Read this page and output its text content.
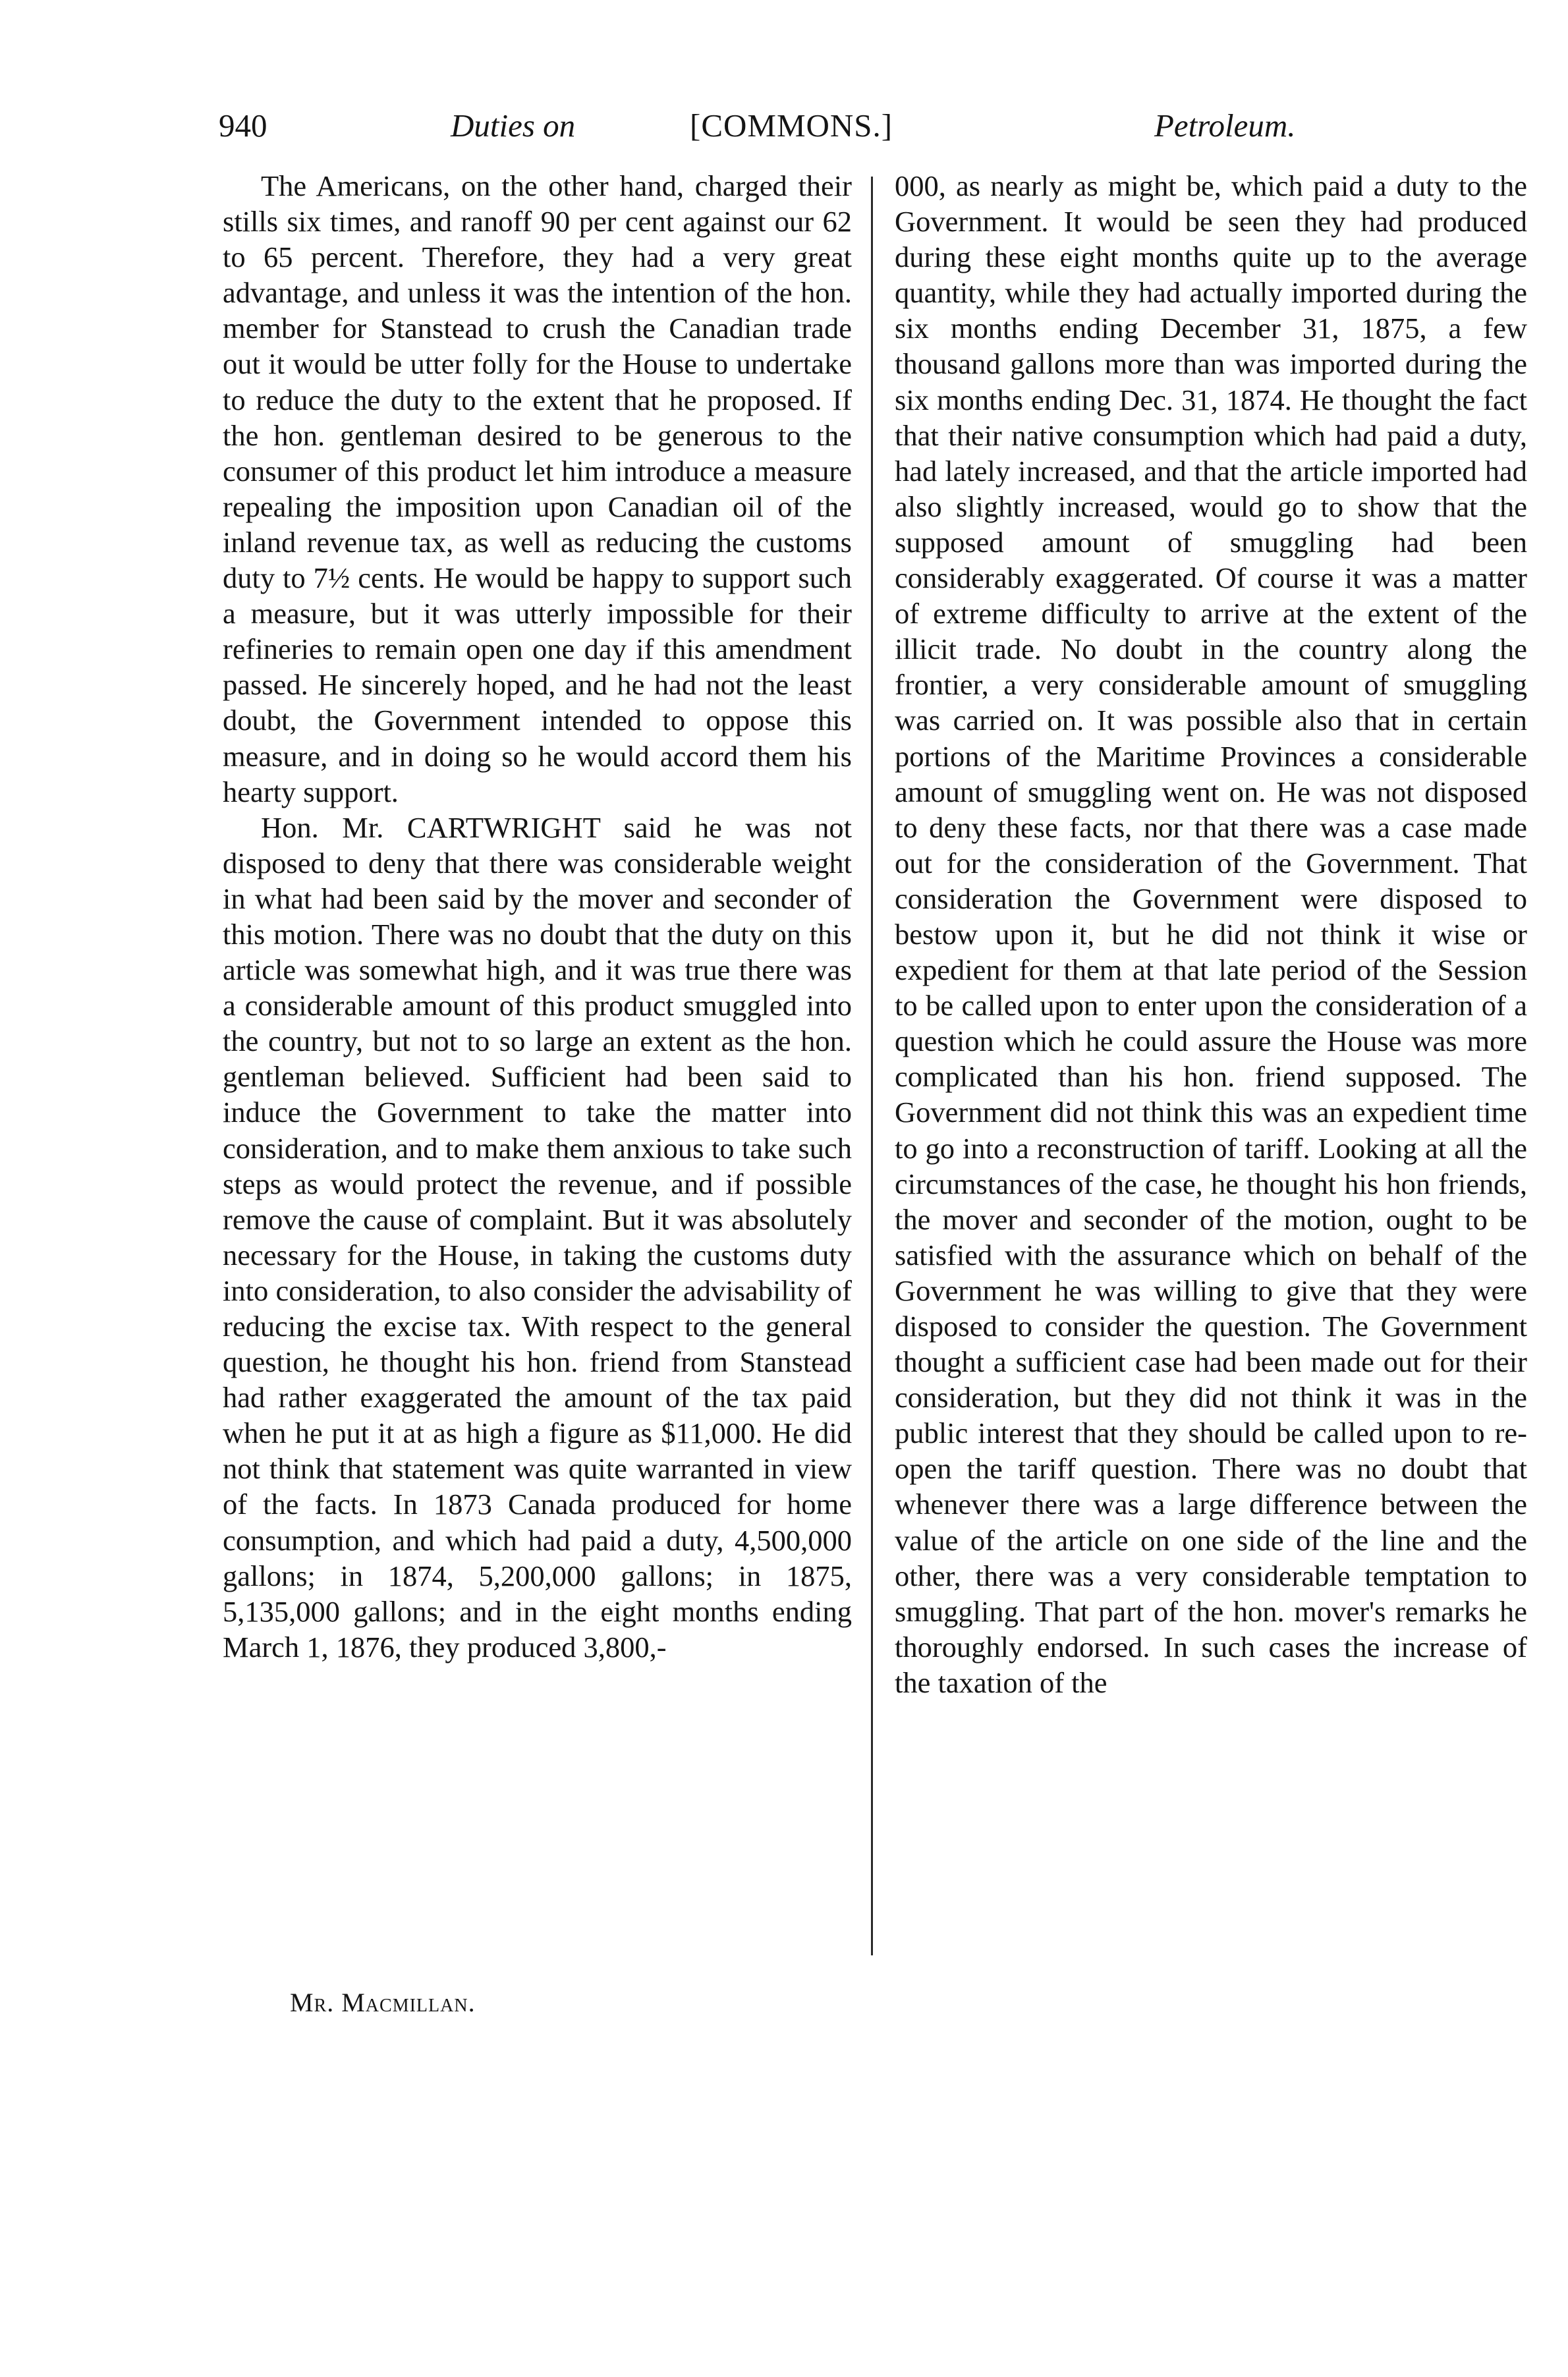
940	Duties on	[COMMONS.]	Petroleum.

The Americans, on the other hand, charged their stills six times, and ranoff 90 per cent against our 62 to 65 percent. Therefore, they had a very great advantage, and unless it was the intention of the hon. member for Stanstead to crush the Canadian trade out it would be utter folly for the House to undertake to reduce the duty to the extent that he proposed. If the hon. gentleman desired to be generous to the consumer of this product let him introduce a measure repealing the imposition upon Canadian oil of the inland revenue tax, as well as reducing the customs duty to 7½ cents. He would be happy to support such a measure, but it was utterly impossible for their refineries to remain open one day if this amendment passed. He sincerely hoped, and he had not the least doubt, the Government intended to oppose this measure, and in doing so he would accord them his hearty support.

Hon. Mr. CARTWRIGHT said he was not disposed to deny that there was considerable weight in what had been said by the mover and seconder of this motion. There was no doubt that the duty on this article was somewhat high, and it was true there was a considerable amount of this product smuggled into the country, but not to so large an extent as the hon. gentleman believed. Sufficient had been said to induce the Government to take the matter into consideration, and to make them anxious to take such steps as would protect the revenue, and if possible remove the cause of complaint. But it was absolutely necessary for the House, in taking the customs duty into consideration, to also consider the advisability of reducing the excise tax. With respect to the general question, he thought his hon. friend from Stanstead had rather exaggerated the amount of the tax paid when he put it at as high a figure as $11,000. He did not think that statement was quite warranted in view of the facts. In 1873 Canada produced for home consumption, and which had paid a duty, 4,500,000 gallons; in 1874, 5,200,000 gallons; in 1875, 5,135,000 gallons; and in the eight months ending March 1, 1876, they produced 3,800,-

000, as nearly as might be, which paid a duty to the Government. It would be seen they had produced during these eight months quite up to the average quantity, while they had actually imported during the six months ending December 31, 1875, a few thousand gallons more than was imported during the six months ending Dec. 31, 1874. He thought the fact that their native consumption which had paid a duty, had lately increased, and that the article imported had also slightly increased, would go to show that the supposed amount of smuggling had been considerably exaggerated. Of course it was a matter of extreme difficulty to arrive at the extent of the illicit trade. No doubt in the country along the frontier, a very considerable amount of smuggling was carried on. It was possible also that in certain portions of the Maritime Provinces a considerable amount of smuggling went on. He was not disposed to deny these facts, nor that there was a case made out for the consideration of the Government. That consideration the Government were disposed to bestow upon it, but he did not think it wise or expedient for them at that late period of the Session to be called upon to enter upon the consideration of a question which he could assure the House was more complicated than his hon. friend supposed. The Government did not think this was an expedient time to go into a reconstruction of tariff. Looking at all the circumstances of the case, he thought his hon friends, the mover and seconder of the motion, ought to be satisfied with the assurance which on behalf of the Government he was willing to give that they were disposed to consider the question. The Government thought a sufficient case had been made out for their consideration, but they did not think it was in the public interest that they should be called upon to re-open the tariff question. There was no doubt that whenever there was a large difference between the value of the article on one side of the line and the other, there was a very considerable temptation to smuggling. That part of the hon. mover's remarks he thoroughly endorsed. In such cases the increase of the taxation of the

Mr. Macmillan.
